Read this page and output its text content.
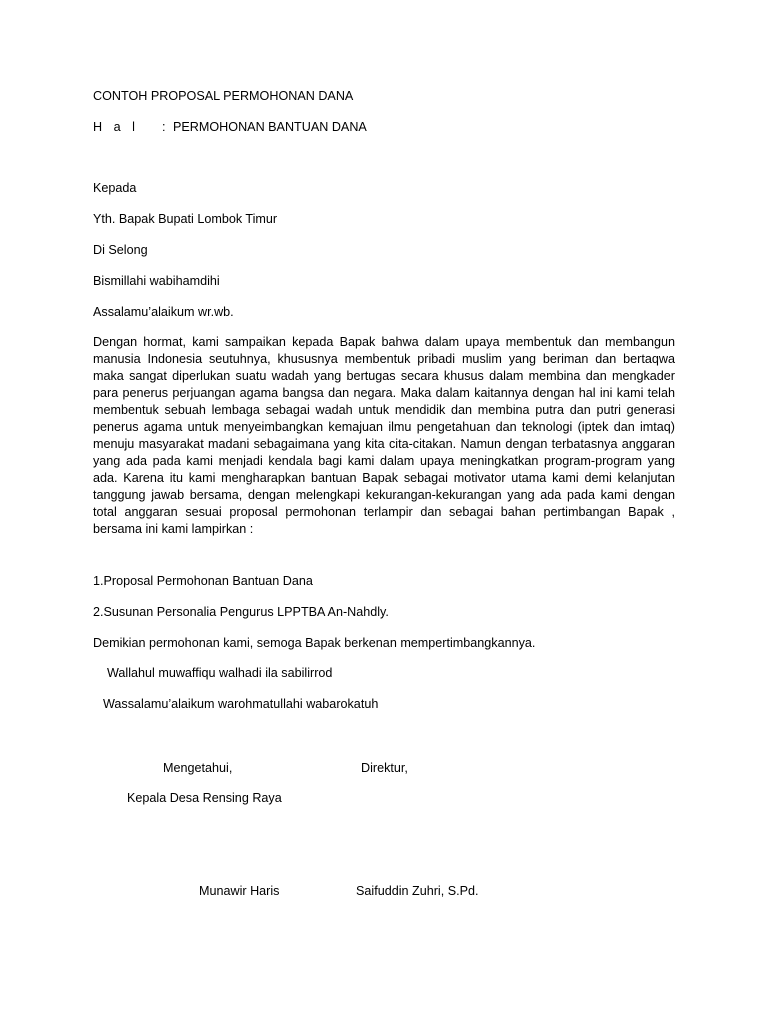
CONTOH PROPOSAL PERMOHONAN DANA
H a l : PERMOHONAN BANTUAN DANA
Kepada
Yth. Bapak Bupati Lombok Timur
Di Selong
Bismillahi wabihamdihi
Assalamu’alaikum wr.wb.

Dengan hormat, kami sampaikan kepada Bapak bahwa dalam upaya membentuk dan membangun manusia Indonesia seutuhnya, khususnya membentuk pribadi muslim yang beriman dan bertaqwa maka sangat diperlukan suatu wadah yang bertugas secara khusus dalam membina dan mengkader para penerus perjuangan agama bangsa dan negara. Maka dalam kaitannya dengan hal ini kami telah membentuk sebuah lembaga sebagai wadah untuk mendidik dan membina putra dan putri generasi penerus agama untuk menyeimbangkan kemajuan ilmu pengetahuan dan teknologi (iptek dan imtaq) menuju masyarakat madani sebagaimana yang kita cita-citakan. Namun dengan terbatasnya anggaran yang ada pada kami menjadi kendala bagi kami dalam upaya meningkatkan program-program yang ada. Karena itu kami mengharapkan bantuan Bapak sebagai motivator utama kami demi kelanjutan tanggung jawab bersama, dengan melengkapi kekurangan-kekurangan yang ada pada kami dengan total anggaran sesuai proposal permohonan terlampir dan sebagai bahan pertimbangan Bapak , bersama ini kami lampirkan :

1.Proposal Permohonan Bantuan Dana
2.Susunan Personalia Pengurus LPPTBA An-Nahdly.
Demikian permohonan kami, semoga Bapak berkenan mempertimbangkannya.
Wallahul muwaffiqu walhadi ila sabilirrod
Wassalamu’alaikum warohmatullahi wabarokatuh
Mengetahui,	Direktur,
Kepala Desa Rensing Raya
Munawir Haris	Saifuddin Zuhri, S.Pd.
